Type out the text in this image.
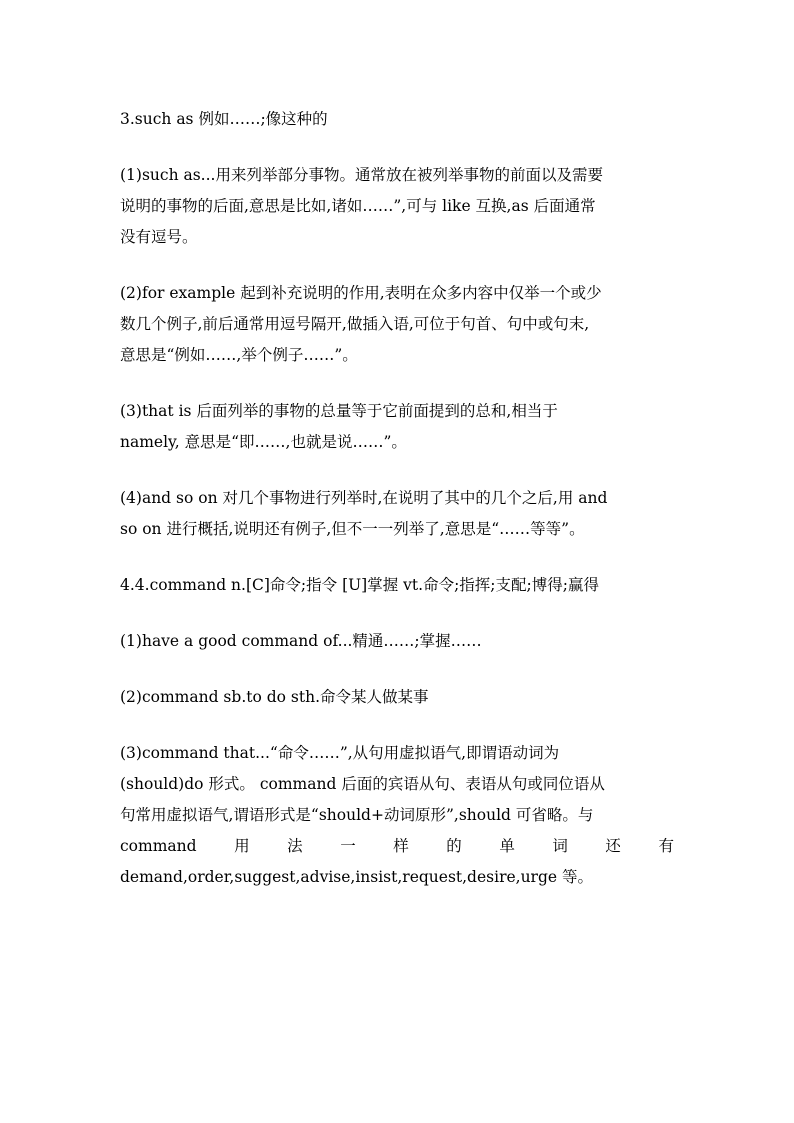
3.such as 例如……;像这种的
(1)such as...用来列举部分事物。通常放在被列举事物的前面以及需要
说明的事物的后面,意思是比如,诸如……”,可与 like 互换,as 后面通常
没有逗号。
(2)for example 起到补充说明的作用,表明在众多内容中仅举一个或少
数几个例子,前后通常用逗号隔开,做插入语,可位于句首、句中或句末,
意思是“例如……,举个例子……”。
(3)that is 后面列举的事物的总量等于它前面提到的总和,相当于
namely, 意思是“即……,也就是说……”。
(4)and so on 对几个事物进行列举时,在说明了其中的几个之后,用 and
so on 进行概括,说明还有例子,但不一一列举了,意思是“……等等”。
4.4.command n.[C]命令;指令 [U]掌握 vt.命令;指挥;支配;博得;赢得
(1)have a good command of...精通……;掌握……
(2)command sb.to do sth.命令某人做某事
(3)command that...“命令……”,从句用虚拟语气,即谓语动词为
(should)do 形式。 command 后面的宾语从句、表语从句或同位语从
句常用虚拟语气,谓语形式是“should+动词原形”,should 可省略。与
command 用 法 一 样 的 单 词 还 有
demand,order,suggest,advise,insist,request,desire,urge 等。
